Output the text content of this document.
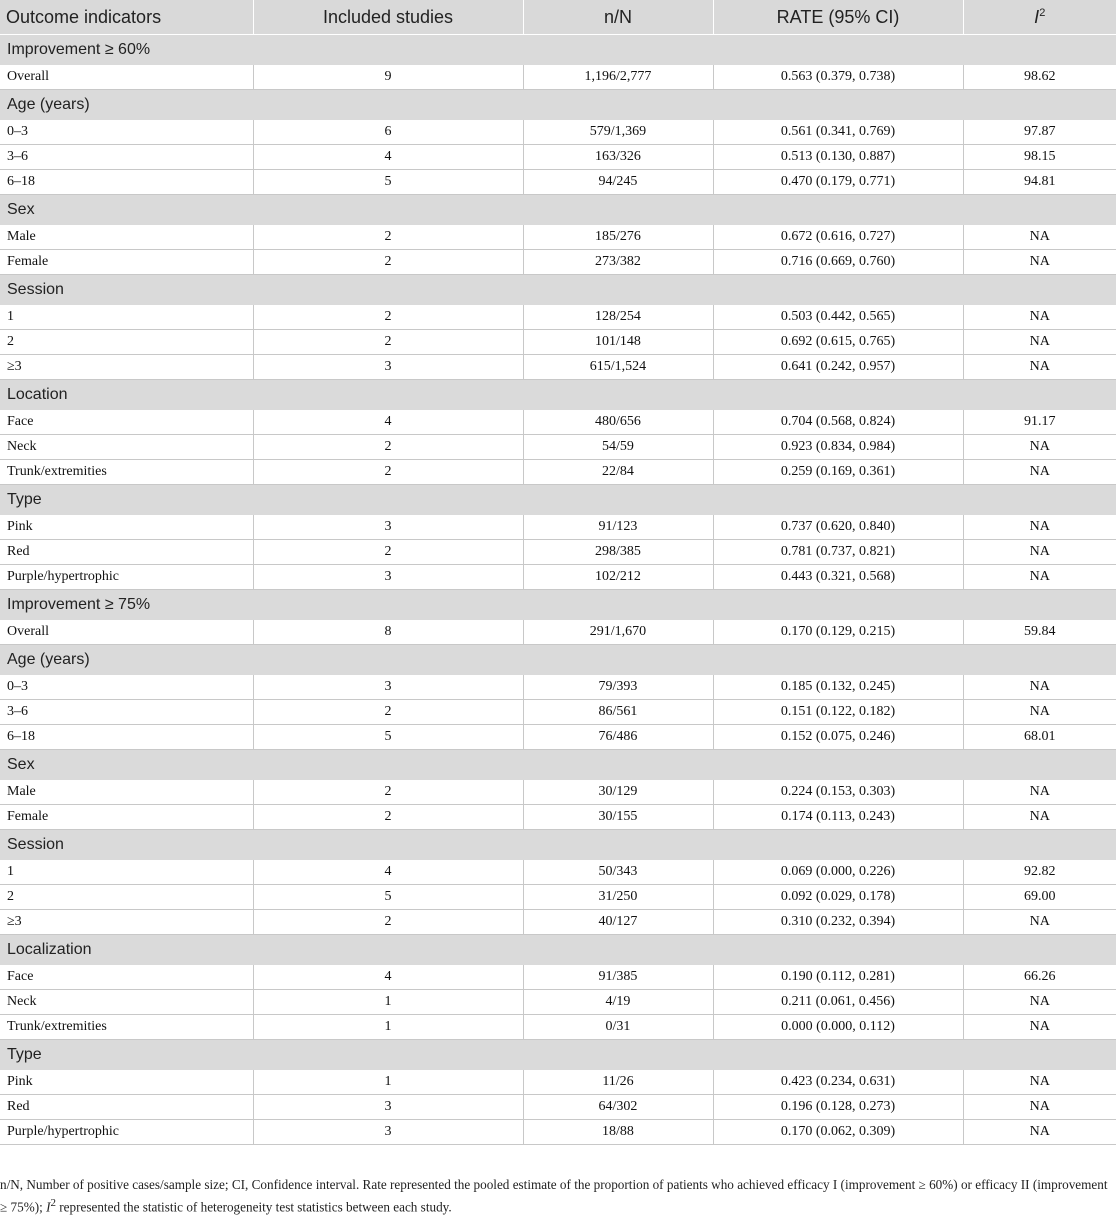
Outcome indicators	Included studies	n/N	RATE (95% CI)	$I^2$
Improvement ≥ 60%				
Overall	9	1,196/2,777	0.563 (0.379, 0.738)	98.62
Age (years)				
0–3	6	579/1,369	0.561 (0.341, 0.769)	97.87
3–6	4	163/326	0.513 (0.130, 0.887)	98.15
6–18	5	94/245	0.470 (0.179, 0.771)	94.81
Sex				
Male	2	185/276	0.672 (0.616, 0.727)	NA
Female	2	273/382	0.716 (0.669, 0.760)	NA
Session				
1	2	128/254	0.503 (0.442, 0.565)	NA
2	2	101/148	0.692 (0.615, 0.765)	NA
≥3	3	615/1,524	0.641 (0.242, 0.957)	NA
Location				
Face	4	480/656	0.704 (0.568, 0.824)	91.17
Neck	2	54/59	0.923 (0.834, 0.984)	NA
Trunk/extremities	2	22/84	0.259 (0.169, 0.361)	NA
Type				
Pink	3	91/123	0.737 (0.620, 0.840)	NA
Red	2	298/385	0.781 (0.737, 0.821)	NA
Purple/hypertrophic	3	102/212	0.443 (0.321, 0.568)	NA
Improvement ≥ 75%				
Overall	8	291/1,670	0.170 (0.129, 0.215)	59.84
Age (years)				
0–3	3	79/393	0.185 (0.132, 0.245)	NA
3–6	2	86/561	0.151 (0.122, 0.182)	NA
6–18	5	76/486	0.152 (0.075, 0.246)	68.01
Sex				
Male	2	30/129	0.224 (0.153, 0.303)	NA
Female	2	30/155	0.174 (0.113, 0.243)	NA
Session				
1	4	50/343	0.069 (0.000, 0.226)	92.82
2	5	31/250	0.092 (0.029, 0.178)	69.00
≥3	2	40/127	0.310 (0.232, 0.394)	NA
Localization				
Face	4	91/385	0.190 (0.112, 0.281)	66.26
Neck	1	4/19	0.211 (0.061, 0.456)	NA
Trunk/extremities	1	0/31	0.000 (0.000, 0.112)	NA
Type				
Pink	1	11/26	0.423 (0.234, 0.631)	NA
Red	3	64/302	0.196 (0.128, 0.273)	NA
Purple/hypertrophic	3	18/88	0.170 (0.062, 0.309)	NA
n/N, Number of positive cases/sample size; CI, Confidence interval. Rate represented the pooled estimate of the proportion of patients who achieved efficacy I (improvement ≥ 60%) or efficacy II (improvement ≥ 75%); $I^2$ represented the statistic of heterogeneity test statistics between each study.
